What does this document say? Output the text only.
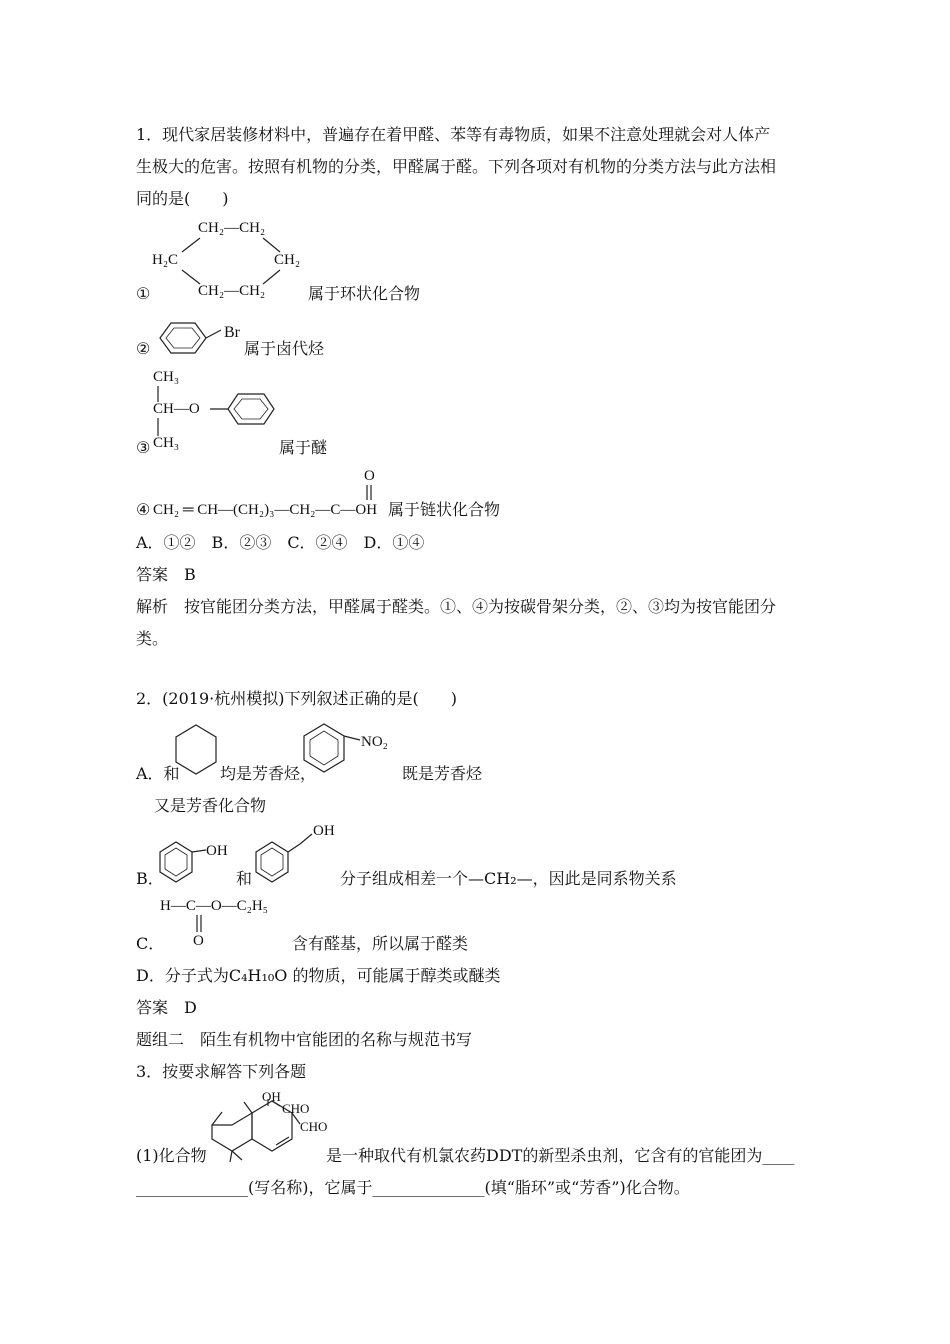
1．现代家居装修材料中，普遍存在着甲醛、苯等有毒物质，如果不注意处理就会对人体产
生极大的危害。按照有机物的分类，甲醛属于醛。下列各项对有机物的分类方法与此方法相
同的是(　　)
CH₂—CH₂
H₂C	CH₂
CH₂—CH₂
①	属于环状化合物
②
Br
属于卤代烃
CH₃
CH—O
CH₃
③	属于醚
O
④ CH₂ ═ CH—(CH₂)₃—CH₂—C—OH 属于链状化合物
A．①②　B．②③　C．②④　D．①④
答案　B
解析　按官能团分类方法，甲醛属于醛类。①、④为按碳骨架分类，②、③均为按官能团分
类。
2．(2019·杭州模拟)下列叙述正确的是(　　)
A．和	均是芳香烃，
NO₂
既是芳香烃
又是芳香化合物
OH
OH
B．	和	分子组成相差一个—CH₂—，因此是同系物关系
H—C—O—C₂H₅
O
C．	含有醛基，所以属于醛类
D．分子式为C₄H₁₀O 的物质，可能属于醇类或醚类
答案　D
题组二　陌生有机物中官能团的名称与规范书写
3．按要求解答下列各题
OH
CHO
CHO
(1)化合物	是一种取代有机氯农药DDT的新型杀虫剂，它含有的官能团为____
______________(写名称)，它属于______________(填“脂环”或“芳香”)化合物。
